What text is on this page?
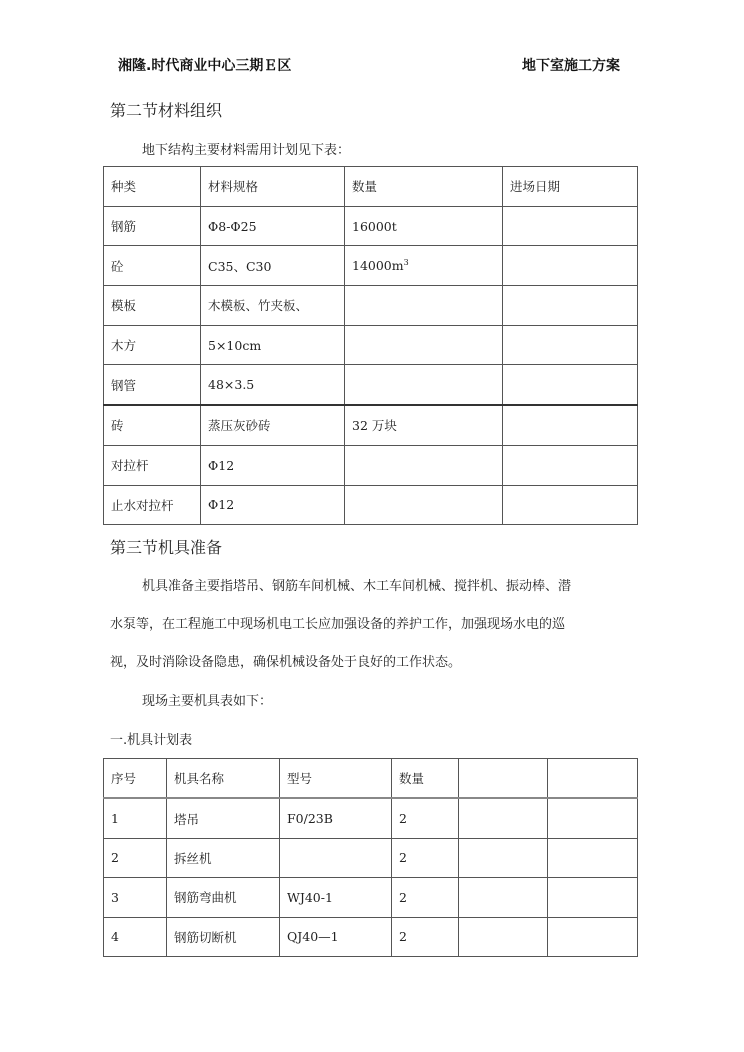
湘隆.时代商业中心三期Ｅ区	地下室施工方案
第二节材料组织
地下结构主要材料需用计划见下表：
种类	材料规格	数量	进场日期
钢筋	Φ8-Φ25	16000t	
砼	C35、C30	$14000m^3$	
模板	木模板、竹夹板、		
木方	5×10cm		
钢管	48×3.5		
砖	蒸压灰砂砖	32 万块	
对拉杆	Φ12		
止水对拉杆	Φ12		
第三节机具准备
机具准备主要指塔吊、钢筋车间机械、木工车间机械、搅拌机、振动棒、潜
水泵等，在工程施工中现场机电工长应加强设备的养护工作，加强现场水电的巡
视，及时消除设备隐患，确保机械设备处于良好的工作状态。
现场主要机具表如下：
一.机具计划表
序号	机具名称	型号	数量		
1	塔吊	F0/23B	2		
2	拆丝机		2		
3	钢筋弯曲机	WJ40-1	2		
4	钢筋切断机	QJ40—1	2		
